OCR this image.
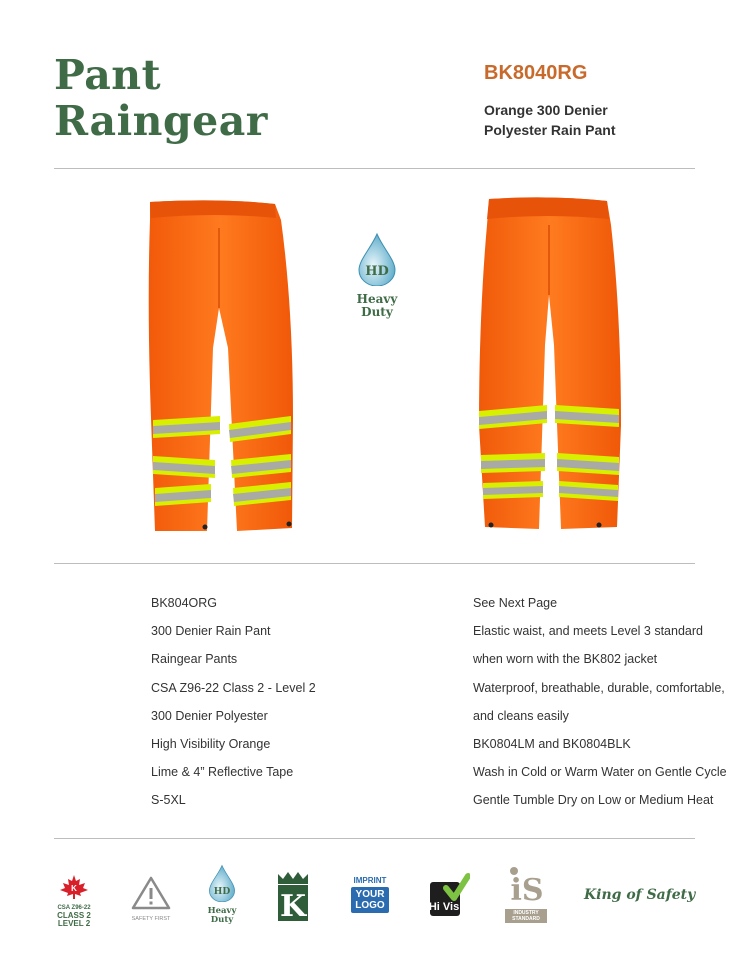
Pant
Raingear
BK8040RG
Orange 300 Denier
Polyester Rain Pant
HD
Heavy
Duty
BK804ORG
300 Denier Rain Pant
Raingear Pants
CSA Z96-22 Class 2 - Level 2
300 Denier Polyester
High Visibility Orange
Lime & 4” Reflective Tape
S-5XL
See Next Page
Elastic waist, and meets Level 3 standard
when worn with the BK802 jacket
Waterproof, breathable, durable, comfortable,
and cleans easily
BK0804LM and BK0804BLK
Wash in Cold or Warm Water on Gentle Cycle
Gentle Tumble Dry on Low or Medium Heat
K
CSA Z96-22
CLASS 2
LEVEL 2	SAFETY FIRST
HD
Heavy
Duty K
IMPRINT
YOUR
LOGO	Hi Vis iS
INDUSTRY
STANDARD
King of Safety
